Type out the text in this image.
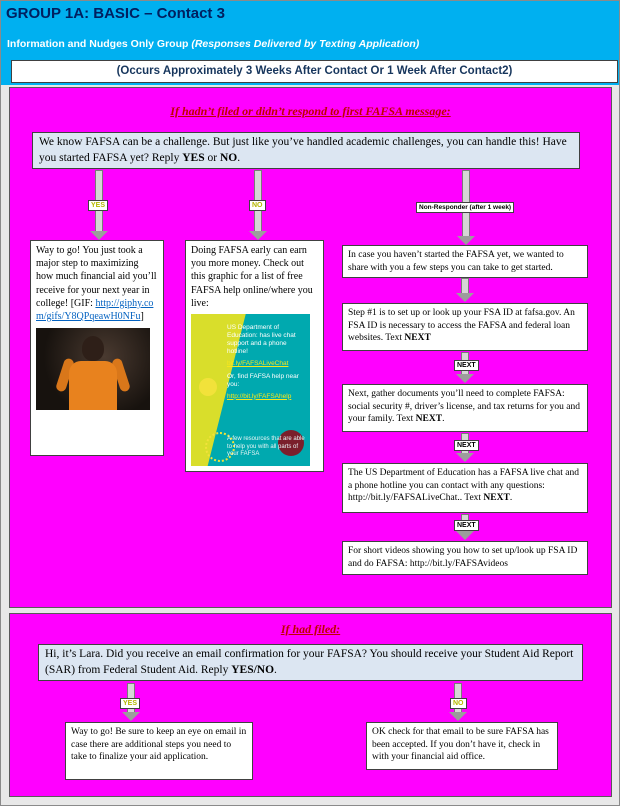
GROUP 1A: BASIC – Contact 3
Information and Nudges Only Group (Responses Delivered by Texting Application)
(Occurs Approximately 3 Weeks After Contact Or 1 Week After Contact2)
If hadn’t filed or didn’t respond to first FAFSA message:
We know FAFSA can be a challenge. But just like you’ve handled academic challenges, you can handle this! Have you started FAFSA yet? Reply YES or NO.
YES	NO	Non-Responder (after 1 week)
Way to go! You just took a major step to maximizing how much financial aid you’ll receive for your next year in college! [GIF: http://giphy.com/gifs/Y8QPqeawH0NFu]
Doing FAFSA early can earn you more money. Check out this graphic for a list of free FAFSA help online/where you live:
US Department of Education: has live chat support and a phone hotline!
bit.ly/FAFSALiveChat
Or, find FAFSA help near you:
http://bit.ly/FAFSAhelp
A few resources that are able to help you with all parts of your FAFSA
In case you haven’t started the FAFSA yet, we wanted to share with you a few steps you can take to get started.
Step #1 is to set up or look up your FSA ID at fafsa.gov. An FSA ID is necessary to access the FAFSA and federal loan websites. Text NEXT
NEXT
Next, gather documents you’ll need to complete FAFSA: social security #, driver’s license, and tax returns for you and your family. Text NEXT.
NEXT
The US Department of Education has a FAFSA live chat and a phone hotline you can contact with any questions: http://bit.ly/FAFSALiveChat.. Text NEXT.
NEXT
For short videos showing you how to set up/look up FSA ID and do FAFSA: http://bit.ly/FAFSAvideos
If had filed:
Hi, it’s Lara. Did you receive an email confirmation for your FAFSA? You should receive your Student Aid Report (SAR) from Federal Student Aid. Reply YES/NO.
YES	NO
Way to go! Be sure to keep an eye on email in case there are additional steps you need to take to finalize your aid application.
OK check for that email to be sure FAFSA has been accepted. If you don’t have it, check in with your financial aid office.
